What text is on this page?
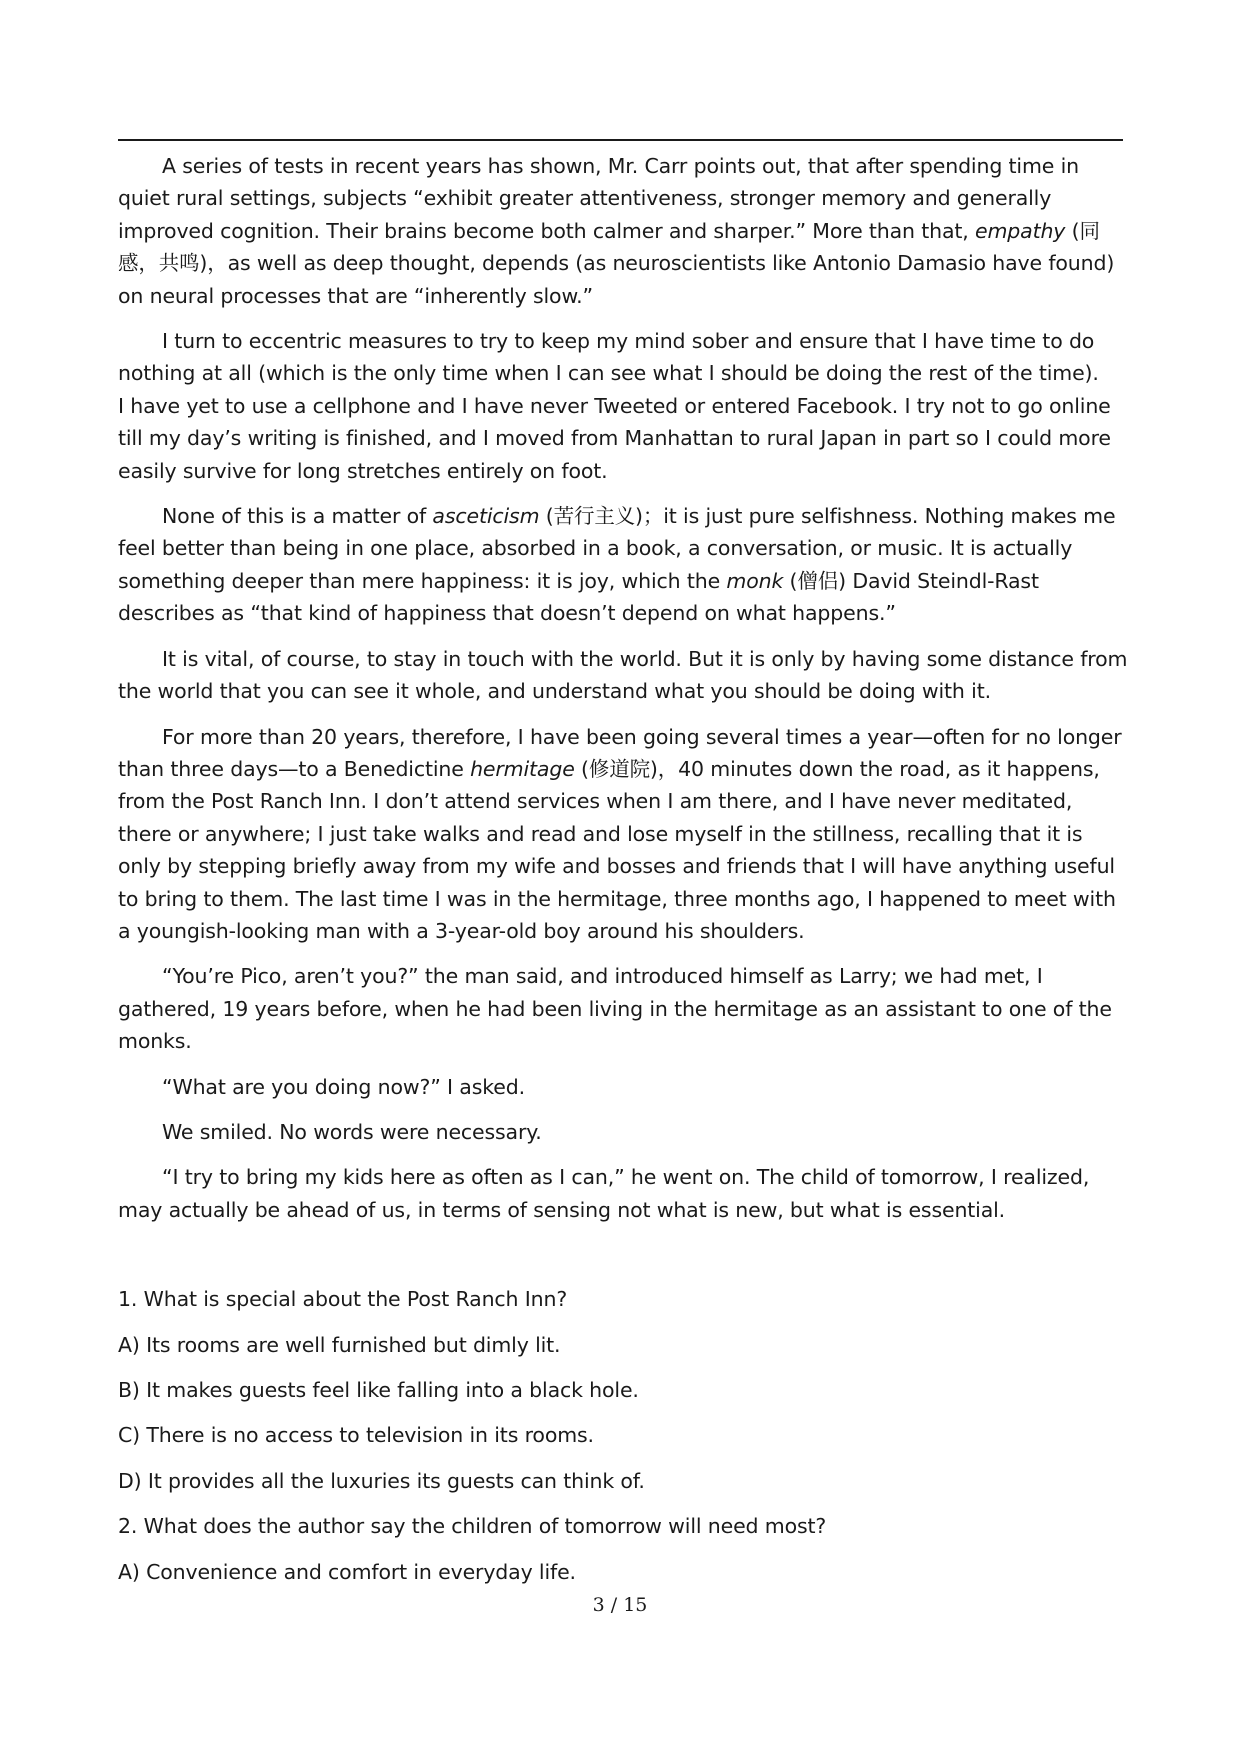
A series of tests in recent years has shown, Mr. Carr points out, that after spending time in quiet rural settings, subjects “exhibit greater attentiveness, stronger memory and generally improved cognition. Their brains become both calmer and sharper.” More than that, empathy (同感，共鸣)，as well as deep thought, depends (as neuroscientists like Antonio Damasio have found) on neural processes that are “inherently slow.”

I turn to eccentric measures to try to keep my mind sober and ensure that I have time to do nothing at all (which is the only time when I can see what I should be doing the rest of the time).    I have yet to use a cellphone and I have never Tweeted or entered Facebook. I try not to go online till my day’s writing is finished, and I moved from Manhattan to rural Japan in part so I could more easily survive for long stretches entirely on foot.

None of this is a matter of asceticism (苦行主义)；it is just pure selfishness. Nothing makes me feel better than being in one place, absorbed in a book, a conversation, or music. It is actually something deeper than mere happiness: it is joy, which the monk (僧侣) David Steindl-Rast describes as “that kind of happiness that doesn’t depend on what happens.”

It is vital, of course, to stay in touch with the world. But it is only by having some distance from the world that you can see it whole, and understand what you should be doing with it.

For more than 20 years, therefore, I have been going several times a year—often for no longer than three days—to a Benedictine hermitage (修道院)，40 minutes down the road, as it happens, from the Post Ranch Inn. I don’t attend services when I am there, and I have never meditated, there or anywhere; I just take walks and read and lose myself in the stillness, recalling that it is only by stepping briefly away from my wife and bosses and friends that I will have anything useful to bring to them. The last time I was in the hermitage, three months ago, I happened to meet with a youngish-looking man with a 3-year-old boy around his shoulders.

“You’re Pico, aren’t you?” the man said, and introduced himself as Larry; we had met, I gathered, 19 years before, when he had been living in the hermitage as an assistant to one of the monks.

“What are you doing now?” I asked.

We smiled. No words were necessary.

“I try to bring my kids here as often as I can,” he went on. The child of tomorrow, I realized, may actually be ahead of us, in terms of sensing not what is new, but what is essential.

1. What is special about the Post Ranch Inn?
A) Its rooms are well furnished but dimly lit.
B) It makes guests feel like falling into a black hole.
C) There is no access to television in its rooms.
D) It provides all the luxuries its guests can think of.
2. What does the author say the children of tomorrow will need most?
A) Convenience and comfort in everyday life.
3 / 15
